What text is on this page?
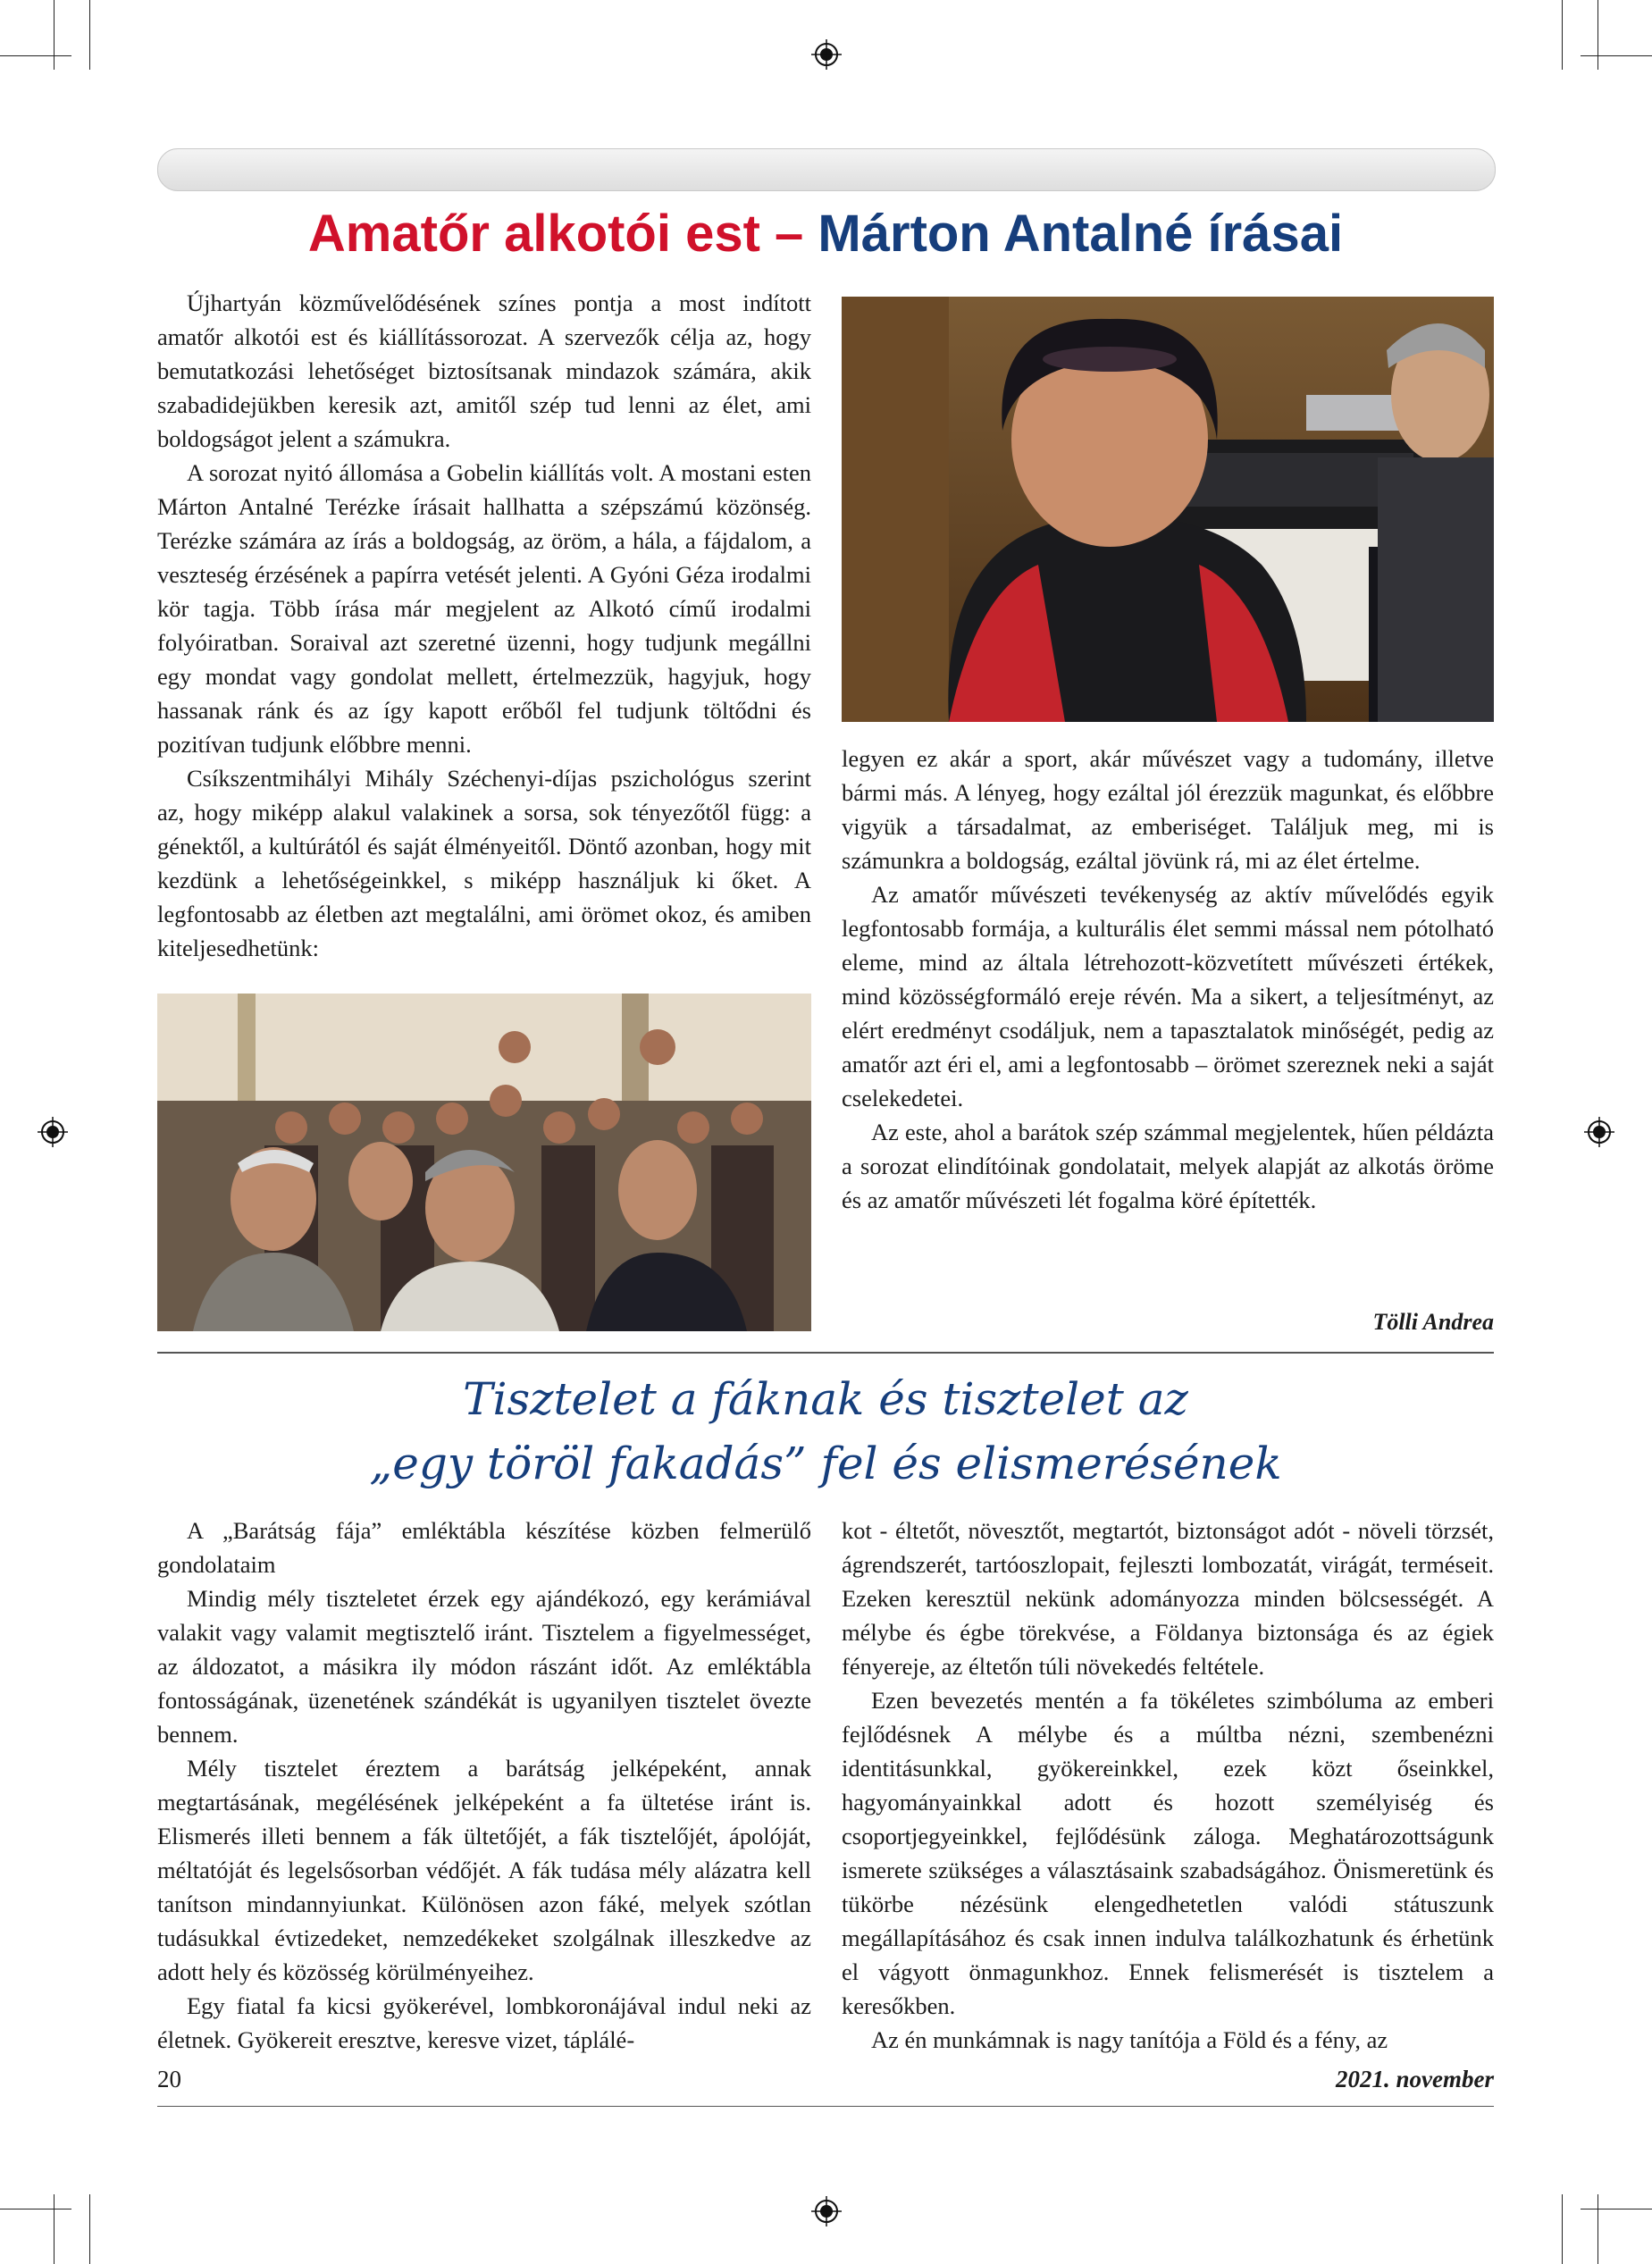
Amatőr alkotói est – Márton Antalné írásai

Újhartyán közművelődésének színes pontja a most indított amatőr alkotói est és kiállítássorozat. A szervezők célja az, hogy bemutatkozási lehetőséget biztosítsanak mindazok számára, akik szabadidejükben keresik azt, amitől szép tud lenni az élet, ami boldogságot jelent a számukra.

A sorozat nyitó állomása a Gobelin kiállítás volt. A mostani esten Márton Antalné Terézke írásait hallhatta a szépszámú közönség. Terézke számára az írás a boldogság, az öröm, a hála, a fájdalom, a veszteség érzésének a papírra vetését jelenti. A Gyóni Géza irodalmi kör tagja. Több írása már megjelent az Alkotó című irodalmi folyóiratban. Soraival azt szeretné üzenni, hogy tudjunk megállni egy mondat vagy gondolat mellett, értelmezzük, hagyjuk, hogy hassanak ránk és az így kapott erőből fel tudjunk töltődni és pozitívan tudjunk előbbre menni.

Csíkszentmihályi Mihály Széchenyi-díjas pszichológus szerint az, hogy miképp alakul valakinek a sorsa, sok tényezőtől függ: a génektől, a kultúrától és saját élményeitől. Döntő azonban, hogy mit kezdünk a lehetőségeinkkel, s miképp használjuk ki őket. A legfontosabb az életben azt megtalálni, ami örömet okoz, és amiben kiteljesedhetünk:

legyen ez akár a sport, akár művészet vagy a tudomány, illetve bármi más. A lényeg, hogy ezáltal jól érezzük magunkat, és előbbre vigyük a társadalmat, az emberiséget. Találjuk meg, mi is számunkra a boldogság, ezáltal jövünk rá, mi az élet értelme.

Az amatőr művészeti tevékenység az aktív művelődés egyik legfontosabb formája, a kulturális élet semmi mással nem pótolható eleme, mind az általa létrehozott-közvetített művészeti értékek, mind közösségformáló ereje révén. Ma a sikert, a teljesítményt, az elért eredményt csodáljuk, nem a tapasztalatok minőségét, pedig az amatőr azt éri el, ami a legfontosabb – örömet szereznek neki a saját cselekedetei.

Az este, ahol a barátok szép számmal megjelentek, hűen példázta a sorozat elindítóinak gondolatait, melyek alapját az alkotás öröme és az amatőr művészeti lét fogalma köré építették.

Tölli Andrea
Tisztelet a fáknak és tisztelet az
„egy töröl fakadás” fel és elismerésének

A „Barátság fája” emléktábla készítése közben felmerülő gondolataim

Mindig mély tiszteletet érzek egy ajándékozó, egy kerámiával valakit vagy valamit megtisztelő iránt. Tisztelem a figyelmességet, az áldozatot, a másikra ily módon rászánt időt. Az emléktábla fontosságának, üzenetének szándékát is ugyanilyen tisztelet övezte bennem.

Mély tisztelet éreztem a barátság jelképeként, annak megtartásának, megélésének jelképeként a fa ültetése iránt is. Elismerés illeti bennem a fák ültetőjét, a fák tisztelőjét, ápolóját, méltatóját és legelsősorban védőjét. A fák tudása mély alázatra kell tanítson mindannyiunkat. Különösen azon fáké, melyek szótlan tudásukkal évtizedeket, nemzedékeket szolgálnak illeszkedve az adott hely és közösség körülményeihez.

Egy fiatal fa kicsi gyökerével, lombkoronájával indul neki az életnek. Gyökereit eresztve, keresve vizet, táplálé-

kot - éltetőt, növesztőt, megtartót, biztonságot adót - növeli törzsét, ágrendszerét, tartóoszlopait, fejleszti lombozatát, virágát, terméseit. Ezeken keresztül nekünk adományozza minden bölcsességét. A mélybe és égbe törekvése, a Földanya biztonsága és az égiek fényereje, az éltetőn túli növekedés feltétele.

Ezen bevezetés mentén a fa tökéletes szimbóluma az emberi fejlődésnek A mélybe és a múltba nézni, szembenézni identitásunkkal, gyökereinkkel, ezek közt őseinkkel, hagyományainkkal adott és hozott személyiség és csoportjegyeinkkel, fejlődésünk záloga. Meghatározottságunk ismerete szükséges a választásaink szabadságához. Önismeretünk és tükörbe nézésünk elengedhetetlen valódi státuszunk megállapításához és csak innen indulva találkozhatunk és érhetünk el vágyott önmagunkhoz. Ennek felismerését is tisztelem a keresőkben.

Az én munkámnak is nagy tanítója a Föld és a fény, az

20	2021. november
